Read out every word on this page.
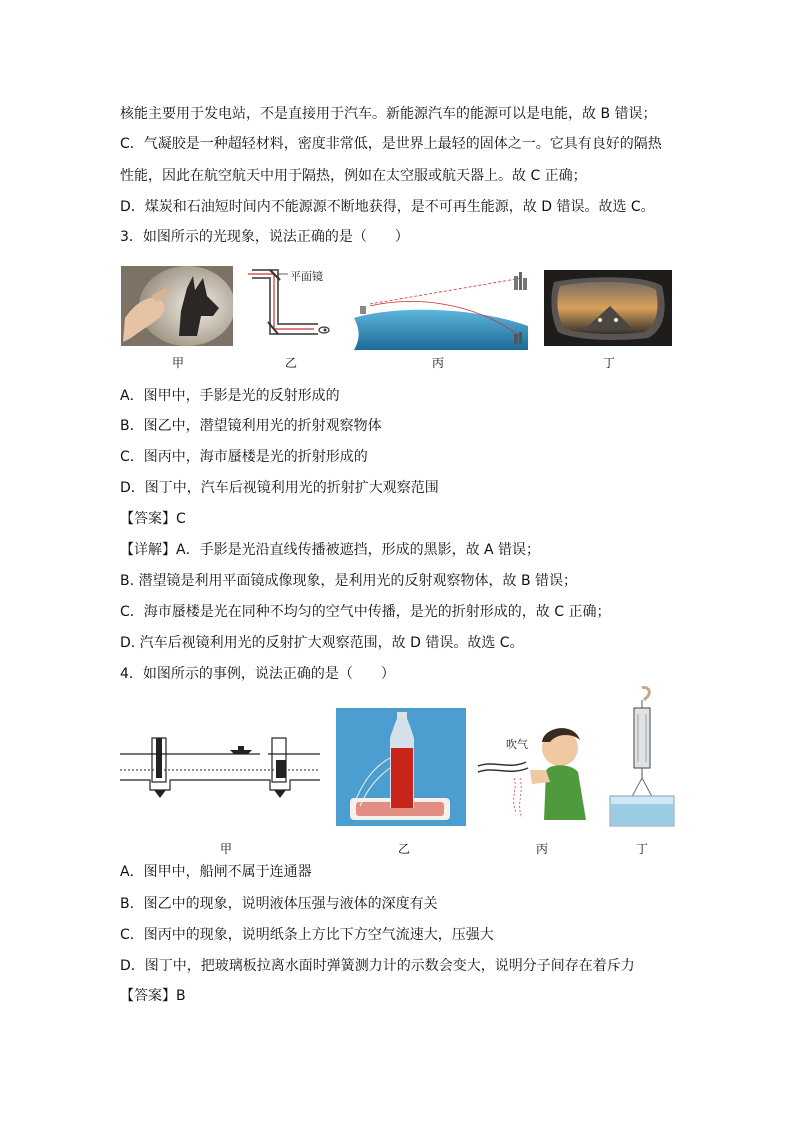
核能主要用于发电站，不是直接用于汽车。新能源汽车的能源可以是电能，故 B 错误；
C．气凝胶是一种超轻材料，密度非常低，是世界上最轻的固体之一。它具有良好的隔热
性能，因此在航空航天中用于隔热，例如在太空服或航天器上。故 C 正确；
D．煤炭和石油短时间内不能源源不断地获得，是不可再生能源，故 D 错误。故选 C。
3．如图所示的光现象，说法正确的是（　　）
甲
平面镜
乙	丙	丁
A．图甲中，手影是光的反射形成的
B．图乙中，潜望镜利用光的折射观察物体
C．图丙中，海市蜃楼是光的折射形成的
D．图丁中，汽车后视镜利用光的折射扩大观察范围
【答案】C
【详解】A．手影是光沿直线传播被遮挡，形成的黑影，故 A 错误；
B. 潜望镜是利用平面镜成像现象，是利用光的反射观察物体，故 B 错误；
C．海市蜃楼是光在同种不均匀的空气中传播，是光的折射形成的，故 C 正确；
D. 汽车后视镜利用光的反射扩大观察范围，故 D 错误。故选 C。
4．如图所示的事例，说法正确的是（　　）
甲	乙
吹气
丙	丁
A．图甲中，船闸不属于连通器
B．图乙中的现象，说明液体压强与液体的深度有关
C．图丙中的现象，说明纸条上方比下方空气流速大，压强大
D．图丁中，把玻璃板拉离水面时弹簧测力计的示数会变大，说明分子间存在着斥力
【答案】B
